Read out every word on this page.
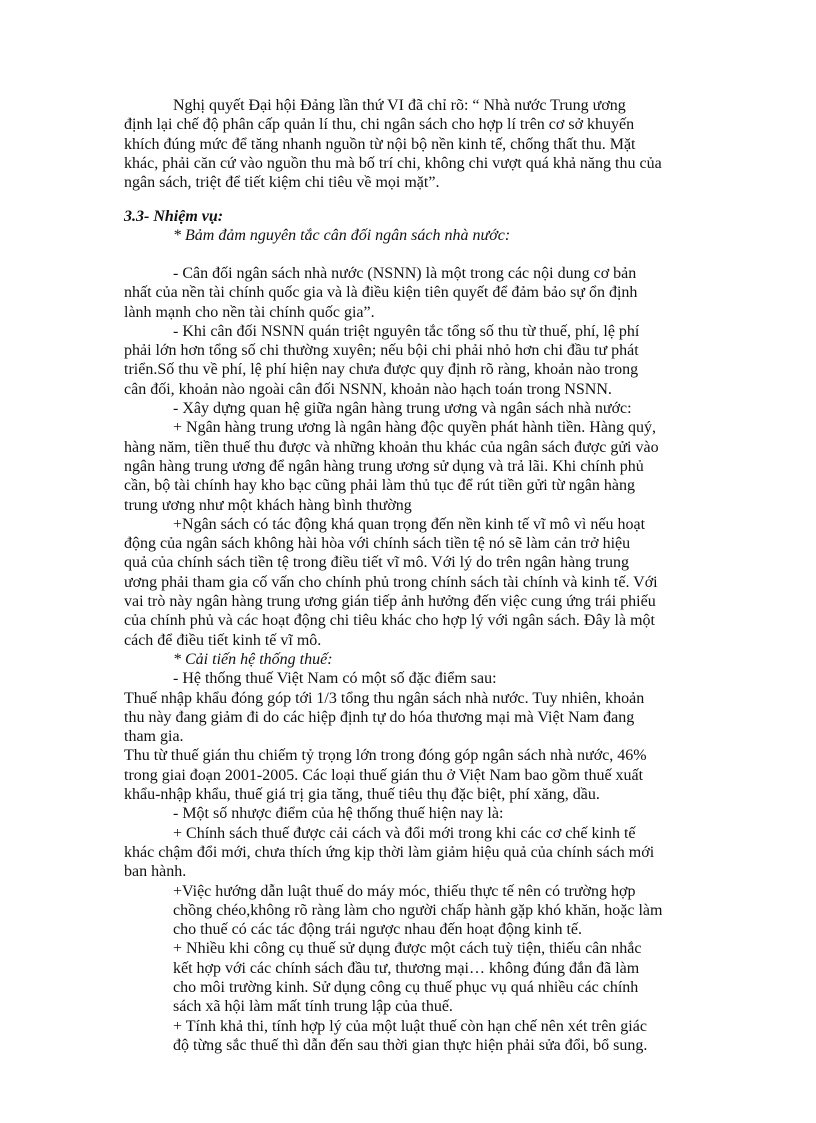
Nghị quyết Đại hội Đảng lần thứ VI đã chỉ rõ: “ Nhà nước Trung ương
định lại chế độ phân cấp quản lí thu, chi ngân sách cho hợp lí trên cơ sở khuyến
khích đúng mức để tăng nhanh nguồn từ nội bộ nền kinh tế, chống thất thu. Mặt
khác, phải căn cứ vào nguồn thu mà bố trí chi, không chi vượt quá khả năng thu của
ngân sách, triệt để tiết kiệm chi tiêu về mọi mặt”.
3.3- Nhiệm vụ:
* Bảm đảm nguyên tắc cân đối ngân sách nhà nước:
- Cân đối ngân sách nhà nước (NSNN) là một trong các nội dung cơ bản
nhất của nền tài chính quốc gia và là điều kiện tiên quyết để đảm bảo sự ổn định
lành mạnh cho nền tài chính quốc gia”.
- Khi cân đối NSNN quán triệt nguyên tắc tổng số thu từ thuế, phí, lệ phí
phải lớn hơn tổng số chi thường xuyên; nếu bội chi phải nhỏ hơn chi đầu tư phát
triển.Số thu về phí, lệ phí hiện nay chưa được quy định rõ ràng, khoản nào trong
cân đối, khoản nào ngoài cân đối NSNN, khoản nào hạch toán trong NSNN.
- Xây dựng quan hệ giữa ngân hàng trung ương và ngân sách nhà nước:
+ Ngân hàng trung ương là ngân hàng độc quyền phát hành tiền. Hàng quý,
hàng năm, tiền thuế thu được và những khoản thu khác của ngân sách được gửi vào
ngân hàng trung ương để ngân hàng trung ương sử dụng và trả lãi. Khi chính phủ
cần, bộ tài chính hay kho bạc cũng phải làm thủ tục để rút tiền gửi từ ngân hàng
trung ương như một khách hàng bình thường
+Ngân sách có tác động khá quan trọng đến nền kinh tế vĩ mô vì nếu hoạt
động của ngân sách không hài hòa với chính sách tiền tệ nó sẽ làm cản trở hiệu
quả của chính sách tiền tệ trong điều tiết vĩ mô. Với lý do trên ngân hàng trung
ương phải tham gia cố vấn cho chính phủ trong chính sách tài chính và kinh tế. Với
vai trò này ngân hàng trung ương gián tiếp ảnh hưởng đến việc cung ứng trái phiếu
của chính phủ và các hoạt động chi tiêu khác cho hợp lý với ngân sách. Đây là một
cách để điều tiết kinh tế vĩ mô.
* Cải tiến hệ thống thuế:
- Hệ thống thuế Việt Nam có một số đặc điểm sau:
Thuế nhập khẩu đóng góp tới 1/3 tổng thu ngân sách nhà nước. Tuy nhiên, khoản
thu này đang giảm đi do các hiệp định tự do hóa thương mại mà Việt Nam đang
tham gia.
Thu từ thuế gián thu chiếm tỷ trọng lớn trong đóng góp ngân sách nhà nước, 46%
trong giai đoạn 2001-2005. Các loại thuế gián thu ở Việt Nam bao gồm thuế xuất
khẩu-nhập khẩu, thuế giá trị gia tăng, thuế tiêu thụ đặc biệt, phí xăng, dầu.
- Một số nhược điểm của hệ thống thuế hiện nay là:
+ Chính sách thuế được cải cách và đổi mới trong khi các cơ chế kinh tế
khác chậm đổi mới, chưa thích ứng kịp thời làm giảm hiệu quả của chính sách mới
ban hành.
+Việc hướng dẫn luật thuế do máy móc, thiếu thực tế nên có trường hợp
chồng chéo,không rõ ràng làm cho người chấp hành gặp khó khăn, hoặc làm
cho thuế có các tác động trái ngược nhau đến hoạt động kinh tế.
+ Nhiều khi công cụ thuế sử dụng được một cách tuỳ tiện, thiếu cân nhắc
kết hợp với các chính sách đầu tư, thương mại… không đúng đắn đã làm
cho môi trường kinh. Sử dụng công cụ thuế phục vụ quá nhiều các chính
sách xã hội làm mất tính trung lập của thuế.
+ Tính khả thi, tính hợp lý của một luật thuế còn hạn chế nên xét trên giác
độ từng sắc thuế thì dẫn đến sau thời gian thực hiện phải sửa đổi, bổ sung.
